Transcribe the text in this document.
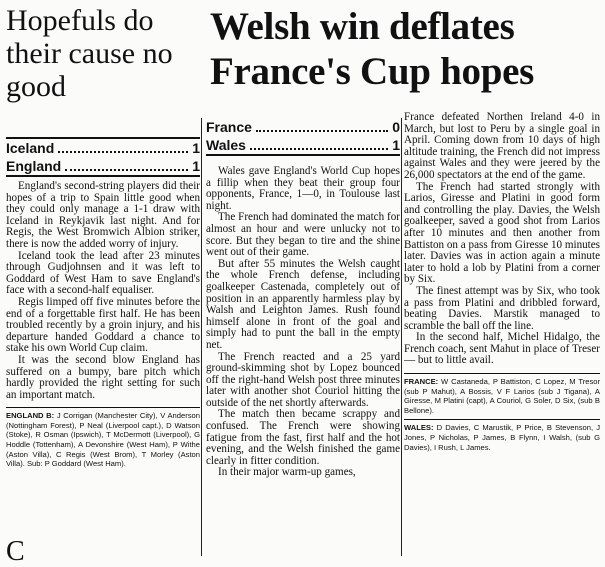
Hopefuls do their cause no good
Welsh win deflates France's Cup hopes
Iceland	1
England	1

England's second-string players did their hopes of a trip to Spain little good when they could only manage a 1-1 draw with Iceland in Reykjavik last night. And for Regis, the West Bromwich Albion striker, there is now the added worry of injury.

Iceland took the lead after 23 minutes through Gudjohnsen and it was left to Goddard of West Ham to save England's face with a second-half equaliser.

Regis limped off five minutes before the end of a forgettable first half. He has been troubled recently by a groin injury, and his departure handed Goddard a chance to stake his own World Cup claim.

It was the second blow England has suffered on a bumpy, bare pitch which hardly provided the right setting for such an important match.

ENGLAND B: J Corrigan (Manchester City), V Anderson (Nottingham Forest), P Neal (Liverpool capt.), D Watson (Stoke), R Osman (Ipswich), T McDermott (Liverpool), G Hoddle (Tottenham), A Devonshire (West Ham), P Withe (Aston Villa), C Regis (West Brom), T Morley (Aston Villa). Sub: P Goddard (West Ham).
C
France	0
Wales	1

Wales gave England's World Cup hopes a fillip when they beat their group four opponents, France, 1—0, in Toulouse last night.

The French had dominated the match for almost an hour and were unlucky not to score. But they began to tire and the shine went out of their game.

But after 55 minutes the Welsh caught the whole French defense, including goalkeeper Castenada, completely out of position in an apparently harmless play by Walsh and Leighton James. Rush found himself alone in front of the goal and simply had to punt the ball in the empty net.

The French reacted and a 25 yard ground-skimming shot by Lopez bounced off the right-hand Welsh post three minutes later with another shot Couriol hitting the outside of the net shortly afterwards.

The match then became scrappy and confused. The French were showing fatigue from the fast, first half and the hot evening, and the Welsh finished the game clearly in fitter condition.

In their major warm-up games,

France defeated Northen Ireland 4-0 in March, but lost to Peru by a single goal in April. Coming down from 10 days of high altitude training, the French did not impress against Wales and they were jeered by the 26,000 spectators at the end of the game.

The French had started strongly with Larios, Giresse and Platini in good form and controlling the play. Davies, the Welsh goalkeeper, saved a good shot from Larios after 10 minutes and then another from Battiston on a pass from Giresse 10 minutes later. Davies was in action again a minute later to hold a lob by Platini from a corner by Six.

The finest attempt was by Six, who took a pass from Platini and dribbled forward, beating Davies. Marstik managed to scramble the ball off the line.

In the second half, Michel Hidalgo, the French coach, sent Mahut in place of Treser — but to little avail.

FRANCE: W Castaneda, P Battiston, C Lopez, M Tresor (sub P Mahut), A Bossis, V F Larios (sub J Tigana), A Giresse, M Platini (capt), A Couriol, G Soler, D Six, (sub B Bellone).
WALES: D Davies, C Marustik, P Price, B Stevenson, J Jones, P Nicholas, P James, B Flynn, I Walsh, (sub G Davies), I Rush, L James.
